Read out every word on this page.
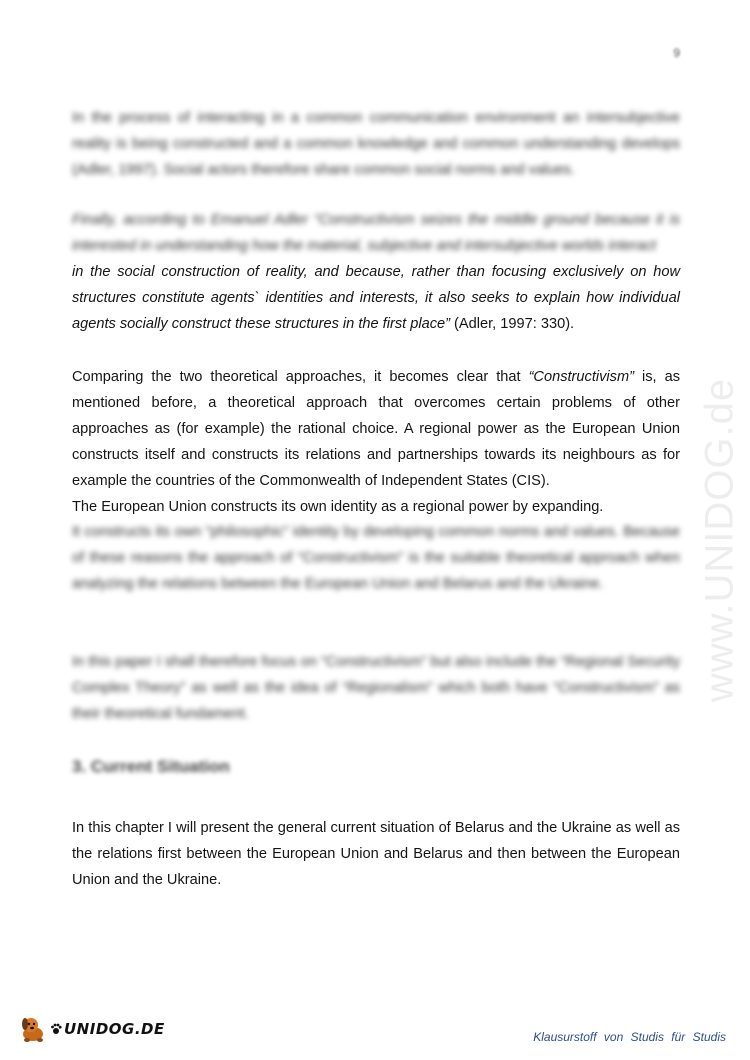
9

In the process of interacting in a common communication environment an intersubjective reality is being constructed and a common knowledge and common understanding develops (Adler, 1997). Social actors therefore share common social norms and values.

Finally, according to Emanuel Adler “Constructivism seizes the middle ground because it is interested in understanding how the material, subjective and intersubjective worlds interact

in the social construction of reality, and because, rather than focusing exclusively on how structures constitute agents` identities and interests, it also seeks to explain how individual agents socially construct these structures in the first place” (Adler, 1997: 330).

Comparing the two theoretical approaches, it becomes clear that “Constructivism” is, as mentioned before, a theoretical approach that overcomes certain problems of other approaches as (for example) the rational choice. A regional power as the European Union constructs itself and constructs its relations and partnerships towards its neighbours as for example the countries of the Commonwealth of Independent States (CIS).

The European Union constructs its own identity as a regional power by expanding.

It constructs its own “philosophic” identity by developing common norms and values. Because of these reasons the approach of “Constructivism” is the suitable theoretical approach when analyzing the relations between the European Union and Belarus and the Ukraine.

In this paper I shall therefore focus on “Constructivism” but also include the “Regional Security Complex Theory” as well as the idea of “Regionalism” which both have “Constructivism” as their theoretical fundament.

3. Current Situation

In this chapter I will present the general current situation of Belarus and the Ukraine as well as the relations first between the European Union and Belarus and then between the European Union and the Ukraine.

www.UNIDOG.de
UNIDOG.DE	Klausurstoff von Studis für Studis
